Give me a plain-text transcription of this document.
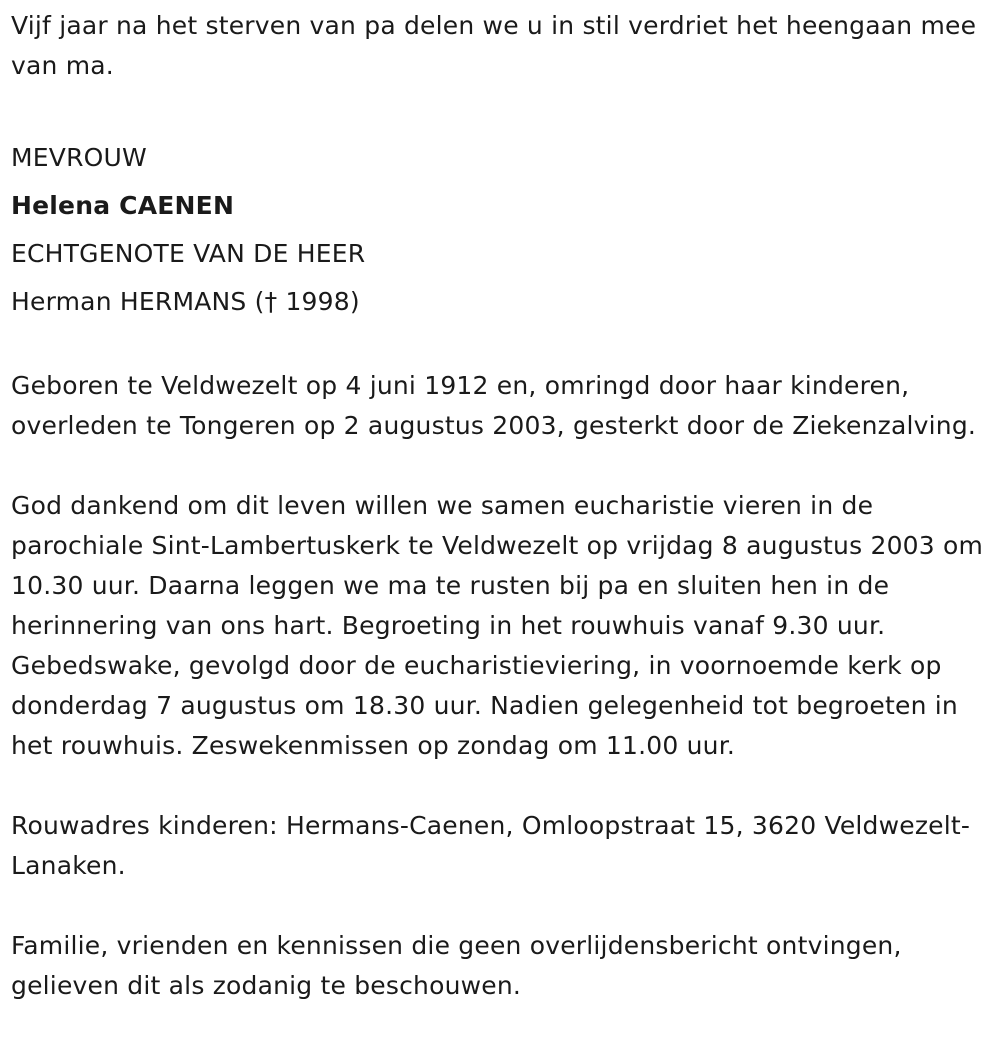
Vijf jaar na het sterven van pa delen we u in stil verdriet het heengaan mee van ma.

MEVROUW
Helena CAENEN
ECHTGENOTE VAN DE HEER
Herman HERMANS († 1998)

Geboren te Veldwezelt op 4 juni 1912 en, omringd door haar kinderen, overleden te Tongeren op 2 augustus 2003, gesterkt door de Ziekenzalving.

God dankend om dit leven willen we samen eucharistie vieren in de parochiale Sint-Lambertuskerk te Veldwezelt op vrijdag 8 augustus 2003 om 10.30 uur. Daarna leggen we ma te rusten bij pa en sluiten hen in de herinnering van ons hart. Begroeting in het rouwhuis vanaf 9.30 uur. Gebedswake, gevolgd door de eucharistieviering, in voornoemde kerk op donderdag 7 augustus om 18.30 uur. Nadien gelegenheid tot begroeten in het rouwhuis. Zeswekenmissen op zondag om 11.00 uur.

Rouwadres kinderen: Hermans-Caenen, Omloopstraat 15, 3620 Veldwezelt-Lanaken.

Familie, vrienden en kennissen die geen overlijdensbericht ontvingen, gelieven dit als zodanig te beschouwen.
